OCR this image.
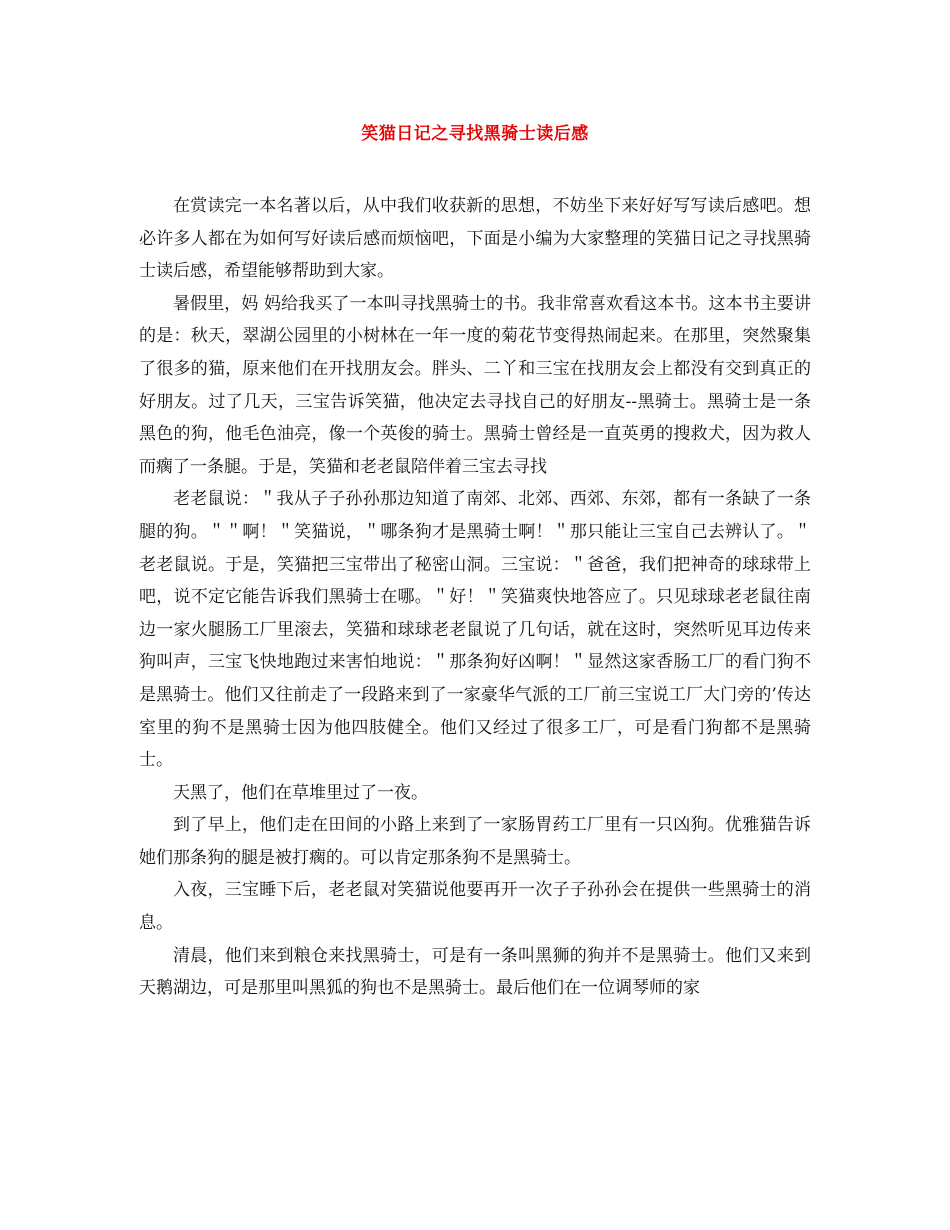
笑猫日记之寻找黑骑士读后感

在赏读完一本名著以后，从中我们收获新的思想，不妨坐下来好好写写读后感吧。想必许多人都在为如何写好读后感而烦恼吧，下面是小编为大家整理的笑猫日记之寻找黑骑士读后感，希望能够帮助到大家。

暑假里，妈 妈给我买了一本叫寻找黑骑士的书。我非常喜欢看这本书。这本书主要讲的是：秋天，翠湖公园里的小树林在一年一度的菊花节变得热闹起来。在那里，突然聚集了很多的猫，原来他们在开找朋友会。胖头、二丫和三宝在找朋友会上都没有交到真正的好朋友。过了几天，三宝告诉笑猫，他决定去寻找自己的好朋友--黑骑士。黑骑士是一条黑色的狗，他毛色油亮，像一个英俊的骑士。黑骑士曾经是一直英勇的搜救犬，因为救人而瘸了一条腿。于是，笑猫和老老鼠陪伴着三宝去寻找

老老鼠说：＂我从子子孙孙那边知道了南郊、北郊、西郊、东郊，都有一条缺了一条腿的狗。＂＂啊！＂笑猫说，＂哪条狗才是黑骑士啊！＂那只能让三宝自己去辨认了。＂老老鼠说。于是，笑猫把三宝带出了秘密山洞。三宝说：＂爸爸，我们把神奇的球球带上吧，说不定它能告诉我们黑骑士在哪。＂好！＂笑猫爽快地答应了。只见球球老老鼠往南边一家火腿肠工厂里滚去，笑猫和球球老老鼠说了几句话，就在这时，突然听见耳边传来狗叫声，三宝飞快地跑过来害怕地说：＂那条狗好凶啊！＂显然这家香肠工厂的看门狗不是黑骑士。他们又往前走了一段路来到了一家豪华气派的工厂前三宝说工厂大门旁的’传达室里的狗不是黑骑士因为他四肢健全。他们又经过了很多工厂，可是看门狗都不是黑骑士。

天黑了，他们在草堆里过了一夜。

到了早上，他们走在田间的小路上来到了一家肠胃药工厂里有一只凶狗。优雅猫告诉她们那条狗的腿是被打瘸的。可以肯定那条狗不是黑骑士。

入夜，三宝睡下后，老老鼠对笑猫说他要再开一次子子孙孙会在提供一些黑骑士的消息。

清晨，他们来到粮仓来找黑骑士，可是有一条叫黑狮的狗并不是黑骑士。他们又来到天鹅湖边，可是那里叫黑狐的狗也不是黑骑士。最后他们在一位调琴师的家
